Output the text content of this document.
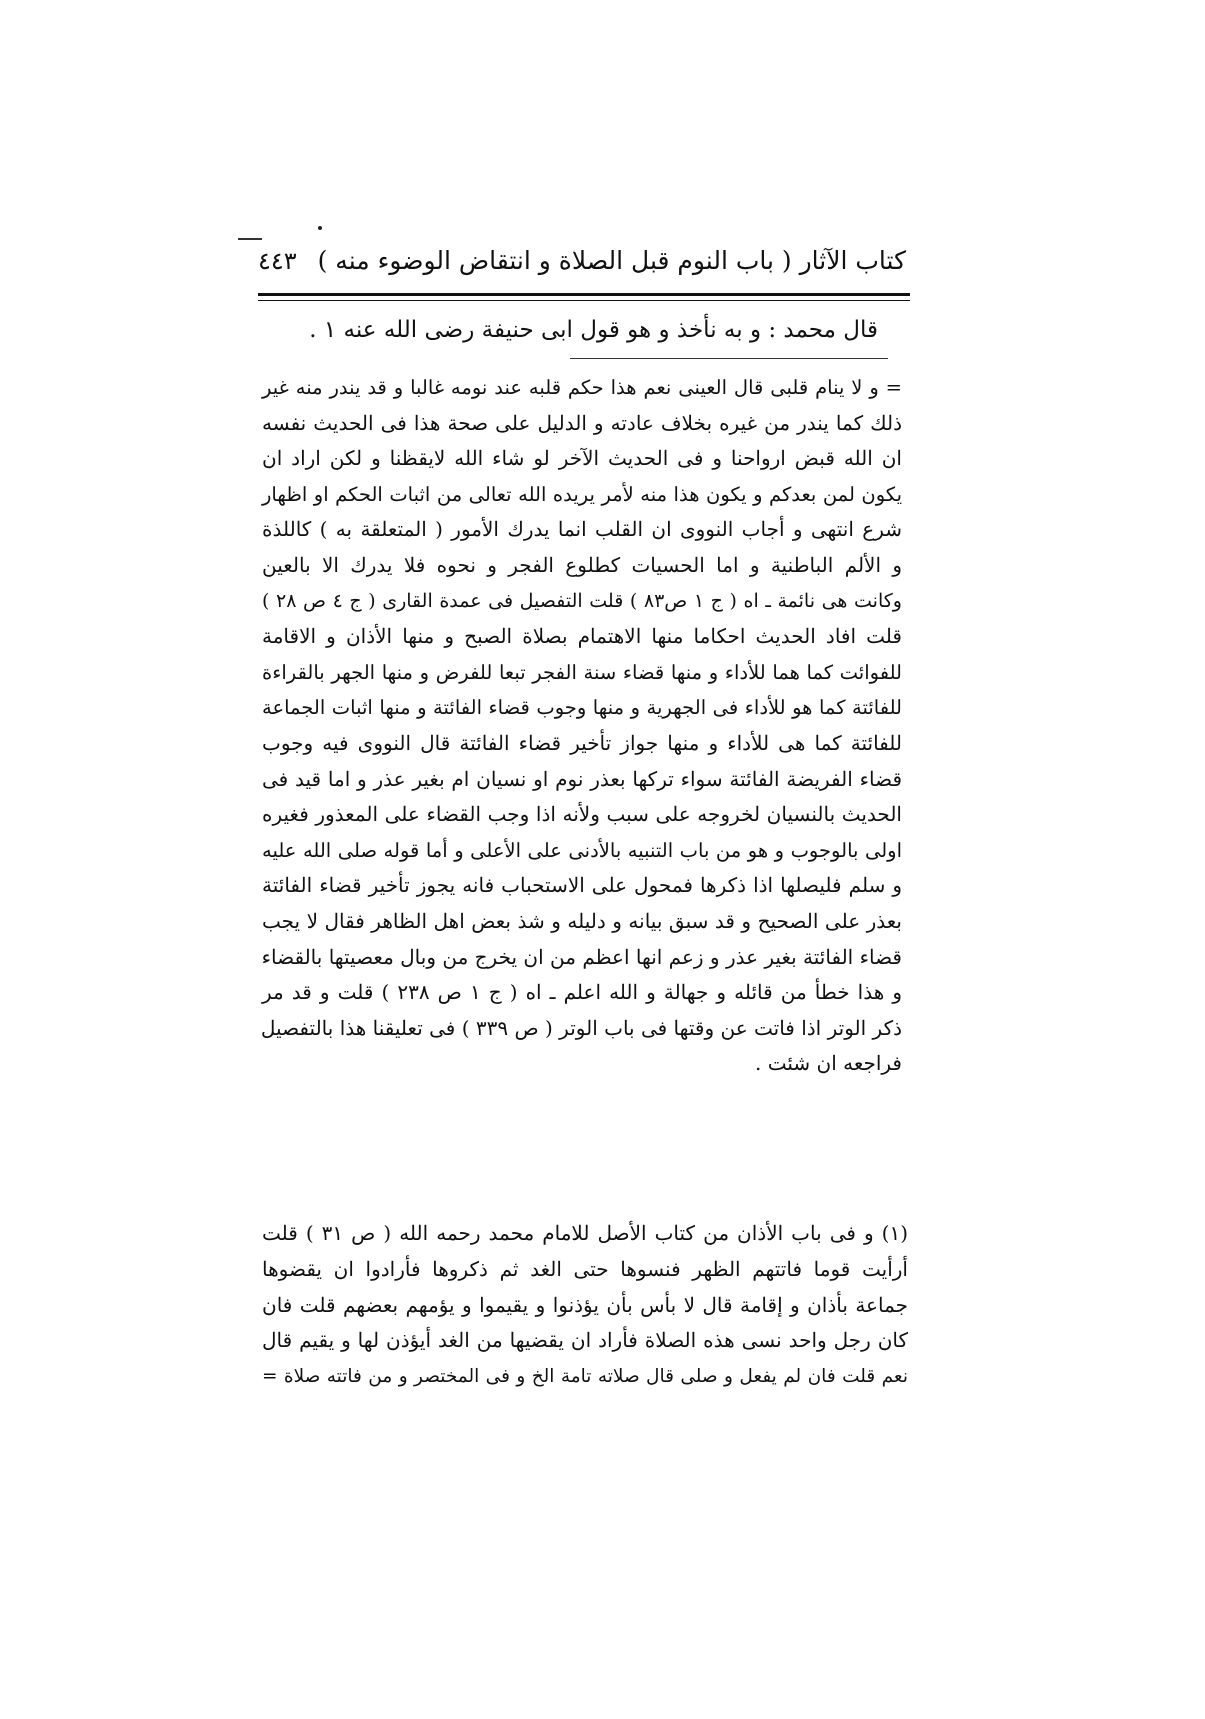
كتاب الآثار ( باب النوم قبل الصلاة و انتقاض الوضوء منه )
٤٤٣
قال محمد : و به نأخذ و هو قول ابى حنيفة رضى الله عنه ١ .
= و لا ينام قلبى قال العينى نعم هذا حكم قلبه عند نومه غالبا و قد يندر منه غير
ذلك كما يندر من غيره بخلاف عادته و الدليل على صحة هذا فى الحديث نفسه
ان الله قبض ارواحنا و فى الحديث الآخر لو شاء الله لايقظنا و لكن اراد ان
يكون لمن بعدكم و يكون هذا منه لأمر يريده الله تعالى من اثبات الحكم او اظهار
شرع انتهى و أجاب النووى ان القلب انما يدرك الأمور ( المتعلقة به ) كاللذة
و الألم الباطنية و اما الحسيات كطلوع الفجر و نحوه فلا يدرك الا بالعين
وكانت هى نائمة ـ اه ( ج ١ ص٨٣ ) قلت التفصيل فى عمدة القارى ( ج ٤ ص ٢٨ )
قلت افاد الحديث احكاما منها الاهتمام بصلاة الصبح و منها الأذان و الاقامة
للفوائت كما هما للأداء و منها قضاء سنة الفجر تبعا للفرض و منها الجهر بالقراءة
للفائتة كما هو للأداء فى الجهرية و منها وجوب قضاء الفائتة و منها اثبات الجماعة
للفائتة كما هى للأداء و منها جواز تأخير قضاء الفائتة قال النووى فيه وجوب
قضاء الفريضة الفائتة سواء تركها بعذر نوم او نسيان ام بغير عذر و اما قيد فى
الحديث بالنسيان لخروجه على سبب ولأنه اذا وجب القضاء على المعذور فغيره
اولى بالوجوب و هو من باب التنبيه بالأدنى على الأعلى و أما قوله صلى الله عليه
و سلم فليصلها اذا ذكرها فمحول على الاستحباب فانه يجوز تأخير قضاء الفائتة
بعذر على الصحيح و قد سبق بيانه و دليله و شذ بعض اهل الظاهر فقال لا يجب
قضاء الفائتة بغير عذر و زعم انها اعظم من ان يخرج من وبال معصيتها بالقضاء
و هذا خطأ من قائله و جهالة و الله اعلم ـ اه ( ج ١ ص ٢٣٨ ) قلت و قد مر
ذكر الوتر اذا فاتت عن وقتها فى باب الوتر ( ص ٣٣٩ ) فى تعليقنا هذا بالتفصيل
فراجعه ان شئت .
(١) و فى باب الأذان من كتاب الأصل للامام محمد رحمه الله ( ص ٣١ ) قلت
أرأيت قوما فاتتهم الظهر فنسوها حتى الغد ثم ذكروها فأرادوا ان يقضوها
جماعة بأذان و إقامة قال لا بأس بأن يؤذنوا و يقيموا و يؤمهم بعضهم قلت فان
كان رجل واحد نسى هذه الصلاة فأراد ان يقضيها من الغد أيؤذن لها و يقيم قال
نعم قلت فان لم يفعل و صلى قال صلاته تامة الخ و فى المختصر و من فاتته صلاة =
